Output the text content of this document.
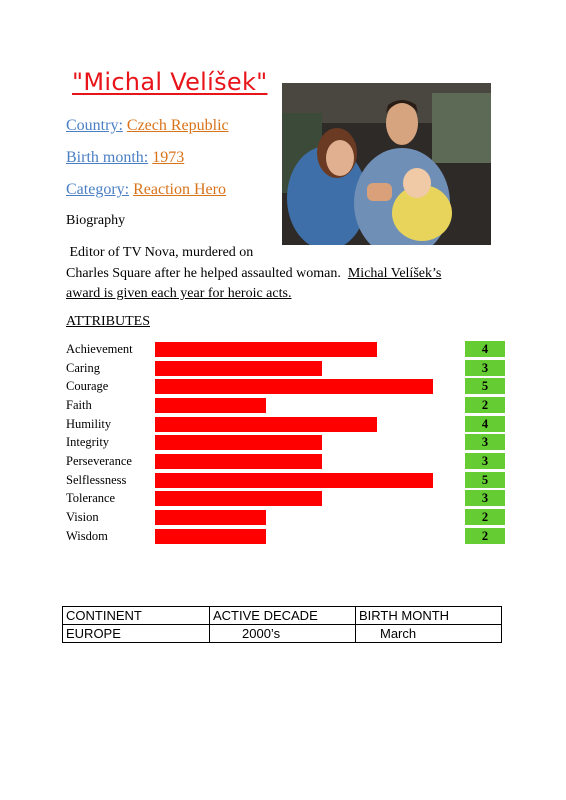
"Michal Velíšek"
Country: Czech Republic
Birth month: 1973
Category: Reaction Hero
Biography
Editor of TV Nova, murdered on
Charles Square after he helped assaulted woman.  Michal Velíšek’s
award is given each year for heroic acts.
ATTRIBUTES
Achievement	4
Caring	3
Courage	5
Faith	2
Humility	4
Integrity	3
Perseverance	3
Selflessness	5
Tolerance	3
Vision	2
Wisdom	2
CONTINENT	ACTIVE DECADE	BIRTH MONTH
EUROPE	2000’s	March
